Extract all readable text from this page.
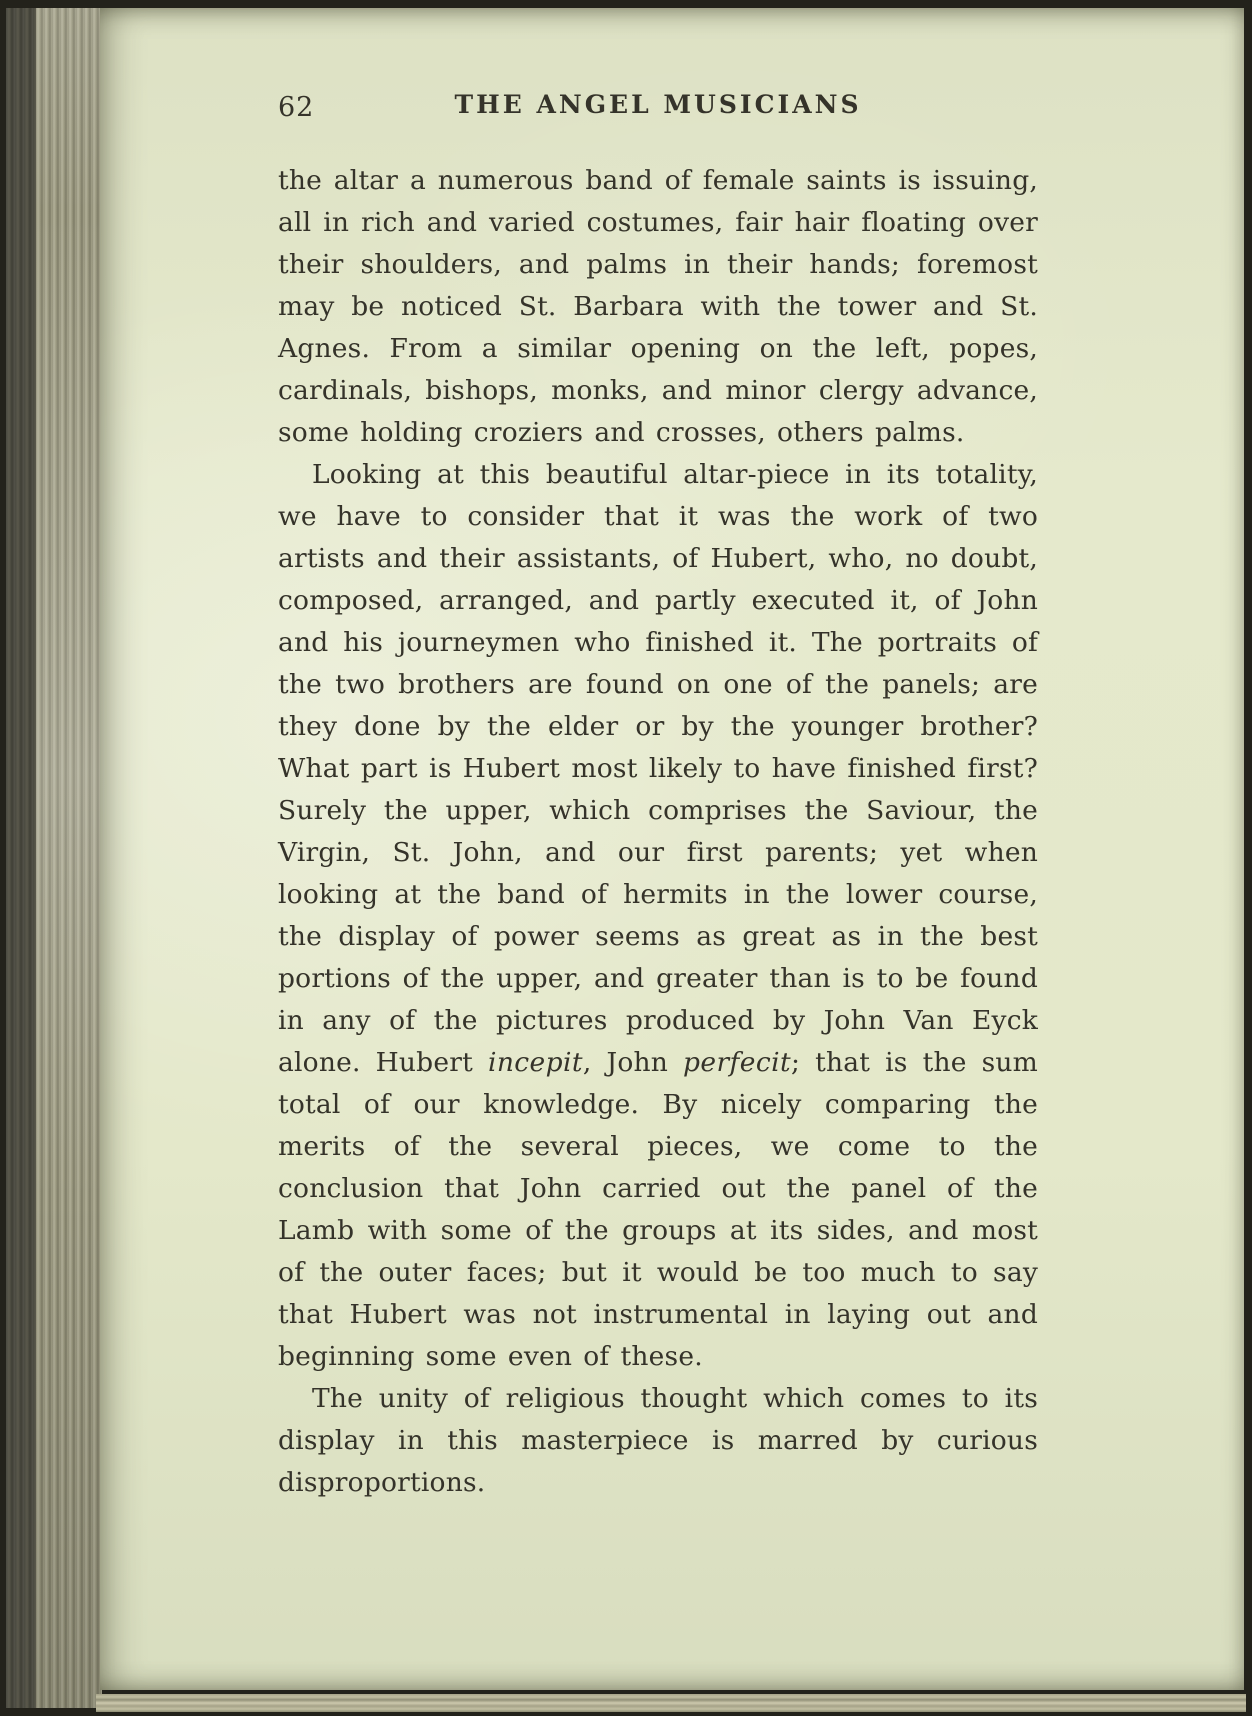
62	THE ANGEL MUSICIANS

the altar a numerous band of female saints is issuing, all in rich and varied costumes, fair hair floating over their shoulders, and palms in their hands; foremost may be noticed St. Barbara with the tower and St. Agnes. From a similar opening on the left, popes, cardinals, bishops, monks, and minor clergy advance, some holding croziers and crosses, others palms.

Looking at this beautiful altar-piece in its totality, we have to consider that it was the work of two artists and their assistants, of Hubert, who, no doubt, composed, arranged, and partly executed it, of John and his journeymen who finished it. The portraits of the two brothers are found on one of the panels; are they done by the elder or by the younger brother? What part is Hubert most likely to have finished first? Surely the upper, which comprises the Saviour, the Virgin, St. John, and our first parents; yet when looking at the band of hermits in the lower course, the display of power seems as great as in the best portions of the upper, and greater than is to be found in any of the pictures produced by John Van Eyck alone. Hubert incepit, John perfecit; that is the sum total of our knowledge. By nicely comparing the merits of the several pieces, we come to the conclusion that John carried out the panel of the Lamb with some of the groups at its sides, and most of the outer faces; but it would be too much to say that Hubert was not instrumental in laying out and beginning some even of these.

The unity of religious thought which comes to its display in this masterpiece is marred by curious disproportions.
